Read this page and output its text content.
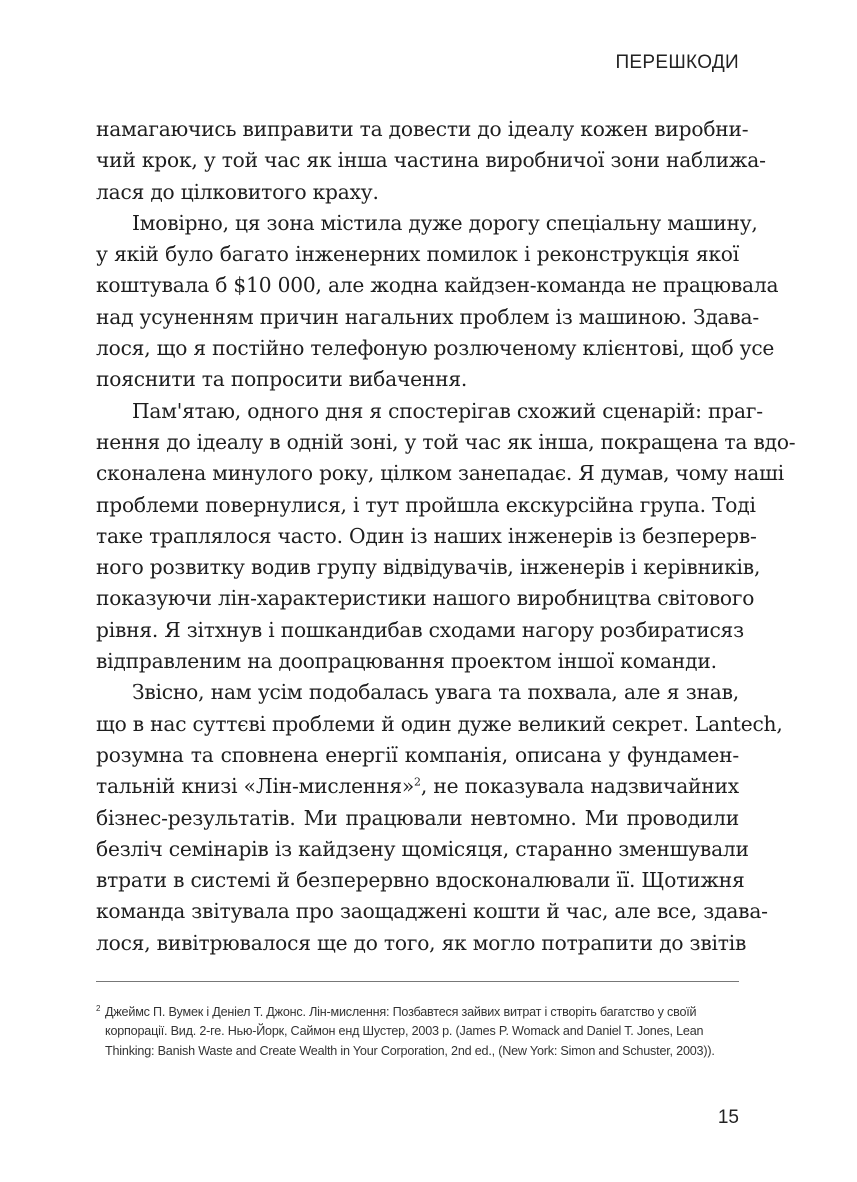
ПЕРЕШКОДИ
намагаючись виправити та довести до ідеалу кожен виробни-
чий крок, у той час як інша частина виробничої зони наближа-
лася до цілковитого краху.
Імовірно, ця зона містила дуже дорогу спеціальну машину,
у якій було багато інженерних помилок і реконструкція якої
коштувала б $10 000, але жодна кайдзен-команда не працювала
над усуненням причин нагальних проблем із машиною. Здава-
лося, що я постійно телефоную розлюченому клієнтові, щоб усе
пояснити та попросити вибачення.
Пам'ятаю, одного дня я спостерігав схожий сценарій: праг-
нення до ідеалу в одній зоні, у той час як інша, покращена та вдо-
сконалена минулого року, цілком занепадає. Я думав, чому наші
проблеми повернулися, і тут пройшла екскурсійна група. Тоді
таке траплялося часто. Один із наших інженерів із безперерв-
ного розвитку водив групу відвідувачів, інженерів і керівників,
показуючи лін-характеристики нашого виробництва світового
рівня. Я зітхнув і пошкандибав сходами нагору розбиратисяз
відправленим на доопрацювання проектом іншої команди.
Звісно, нам усім подобалась увага та похвала, але я знав,
що в нас суттєві проблеми й один дуже великий секрет. Lantech,
розумна та сповнена енергії компанія, описана у фундамен-
тальній книзі «Лін-мислення»$^2$, не показувала надзвичайних
бізнес-результатів. Ми працювали невтомно. Ми проводили
безліч семінарів із кайдзену щомісяця, старанно зменшували
втрати в системі й безперервно вдосконалювали її. Щотижня
команда звітувала про заощаджені кошти й час, але все, здава-
лося, вивітрювалося ще до того, як могло потрапити до звітів
2 Джеймс П. Вумек і Деніел Т. Джонс. Лін-мислення: Позбавтеся зайвих витрат і створіть багатство у своїй
корпорації. Вид. 2-ге. Нью-Йорк, Саймон енд Шустер, 2003 р. (James P. Womack and Daniel T. Jones, Lean
Thinking: Banish Waste and Create Wealth in Your Corporation, 2nd ed., (New York: Simon and Schuster, 2003)).
15
